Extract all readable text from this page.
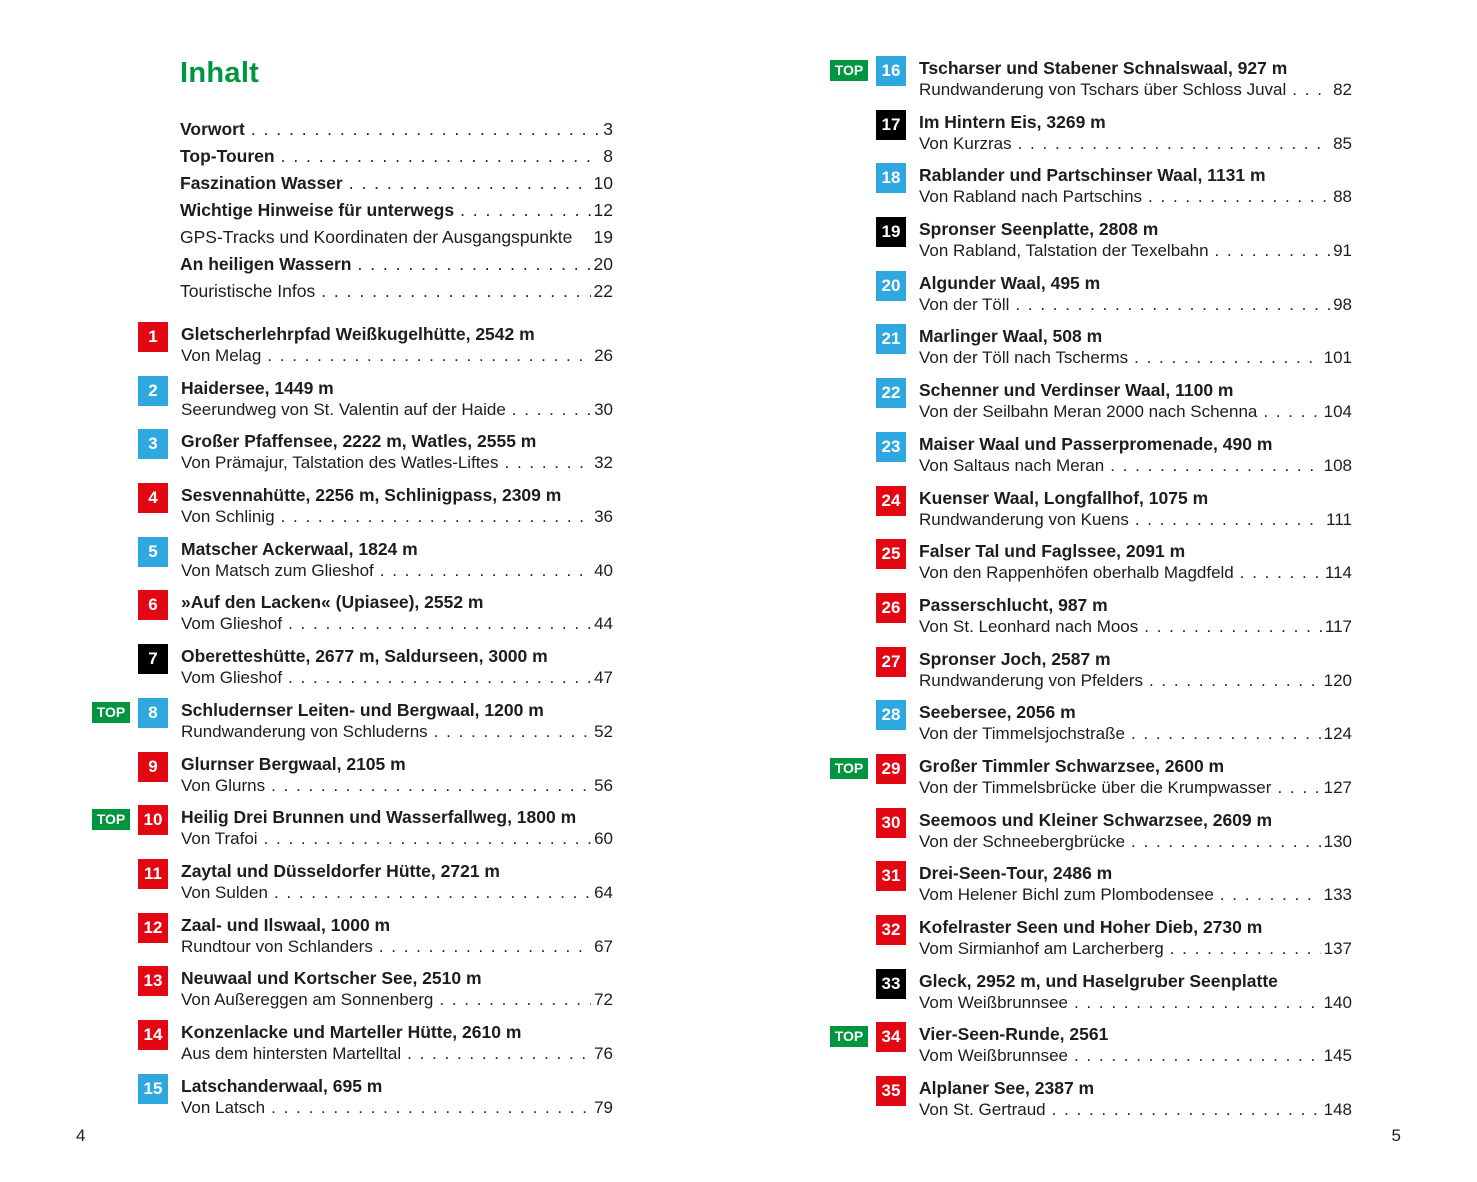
Inhalt
Vorwort . . .	3
Top-Touren . . .	8
Faszination Wasser . . .	10
Wichtige Hinweise für unterwegs . . .	12
GPS-Tracks und Koordinaten der Ausgangspunkte 19
An heiligen Wassern . . .	20
Touristische Infos . . .	22
1	Gletscherlehrpfad Weißkugelhütte, 2542 m
Von Melag . . .	26
2	Haidersee, 1449 m
Seerundweg von St. Valentin auf der Haide . . .	30
3	Großer Pfaffensee, 2222 m, Watles, 2555 m
Von Prämajur, Talstation des Watles-Liftes . . .	32
4	Sesvennahütte, 2256 m, Schlinigpass, 2309 m
Von Schlinig . . .	36
5	Matscher Ackerwaal, 1824 m
Von Matsch zum Glieshof . . .	40
6	»Auf den Lacken« (Upiasee), 2552 m
Vom Glieshof . . .	44
7	Oberetteshütte, 2677 m, Saldurseen, 3000 m
Vom Glieshof . . .	47
TOP	8	Schludernser Leiten- und Bergwaal, 1200 m
Rundwanderung von Schluderns . . .	52
9	Glurnser Bergwaal, 2105 m
Von Glurns . . .	56
TOP	10	Heilig Drei Brunnen und Wasserfallweg, 1800 m
Von Trafoi . . .	60
11	Zaytal und Düsseldorfer Hütte, 2721 m
Von Sulden . . .	64
12	Zaal- und Ilswaal, 1000 m
Rundtour von Schlanders . . .	67
13	Neuwaal und Kortscher See, 2510 m
Von Außereggen am Sonnenberg . . .	72
14	Konzenlacke und Marteller Hütte, 2610 m
Aus dem hintersten Martelltal . . .	76
15	Latschanderwaal, 695 m
Von Latsch . . .	79
TOP	16	Tscharser und Stabener Schnalswaal, 927 m
Rundwanderung von Tschars über Schloss Juval . . .	82
17	Im Hintern Eis, 3269 m
Von Kurzras . . .	85
18	Rablander und Partschinser Waal, 1131 m
Von Rabland nach Partschins . . .	88
19	Spronser Seenplatte, 2808 m
Von Rabland, Talstation der Texelbahn . . .	91
20	Algunder Waal, 495 m
Von der Töll . . .	98
21	Marlinger Waal, 508 m
Von der Töll nach Tscherms . . .	101
22	Schenner und Verdinser Waal, 1100 m
Von der Seilbahn Meran 2000 nach Schenna . . .	104
23	Maiser Waal und Passerpromenade, 490 m
Von Saltaus nach Meran . . .	108
24	Kuenser Waal, Longfallhof, 1075 m
Rundwanderung von Kuens . . .	111
25	Falser Tal und Faglssee, 2091 m
Von den Rappenhöfen oberhalb Magdfeld . . .	114
26	Passerschlucht, 987 m
Von St. Leonhard nach Moos . . .	117
27	Spronser Joch, 2587 m
Rundwanderung von Pfelders . . .	120
28	Seebersee, 2056 m
Von der Timmelsjochstraße . . .	124
TOP	29	Großer Timmler Schwarzsee, 2600 m
Von der Timmelsbrücke über die Krumpwasser . . .	127
30	Seemoos und Kleiner Schwarzsee, 2609 m
Von der Schneebergbrücke . . .	130
31	Drei-Seen-Tour, 2486 m
Vom Helener Bichl zum Plombodensee . . .	133
32	Kofelraster Seen und Hoher Dieb, 2730 m
Vom Sirmianhof am Larcherberg . . .	137
33	Gleck, 2952 m, und Haselgruber Seenplatte
Vom Weißbrunnsee . . .	140
TOP	34	Vier-Seen-Runde, 2561
Vom Weißbrunnsee . . .	145
35	Alplaner See, 2387 m
Von St. Gertraud . . .	148
4	5
